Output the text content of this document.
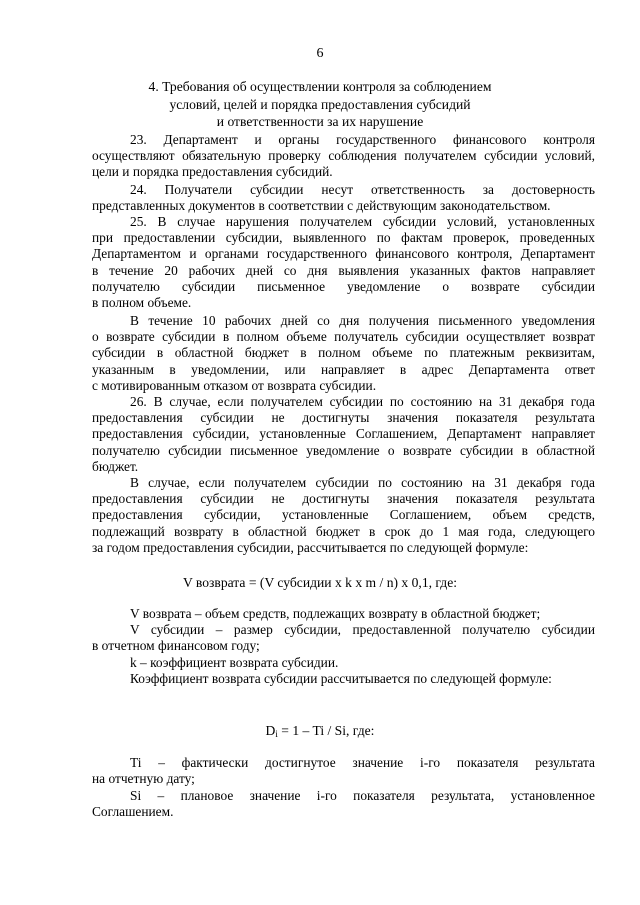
6
4. Требования об осуществлении контроля за соблюдением
условий, целей и порядка предоставления субсидий
и ответственности за их нарушение
23. Департамент и органы государственного финансового контроля
осуществляют обязательную проверку соблюдения получателем субсидии условий,
цели и порядка предоставления субсидий.
24. Получатели субсидии несут ответственность за достоверность
представленных документов в соответствии с действующим законодательством.
25. В случае нарушения получателем субсидии условий, установленных
при предоставлении субсидии, выявленного по фактам проверок, проведенных
Департаментом и органами государственного финансового контроля, Департамент
в течение 20 рабочих дней со дня выявления указанных фактов направляет
получателю субсидии письменное уведомление о возврате субсидии
в полном объеме.
В течение 10 рабочих дней со дня получения письменного уведомления
о возврате субсидии в полном объеме получатель субсидии осуществляет возврат
субсидии в областной бюджет в полном объеме по платежным реквизитам,
указанным в уведомлении, или направляет в адрес Департамента ответ
с мотивированным отказом от возврата субсидии.
26. В случае, если получателем субсидии по состоянию на 31 декабря года
предоставления субсидии не достигнуты значения показателя результата
предоставления субсидии, установленные Соглашением, Департамент направляет
получателю субсидии письменное уведомление о возврате субсидии в областной
бюджет.
В случае, если получателем субсидии по состоянию на 31 декабря года
предоставления субсидии не достигнуты значения показателя результата
предоставления субсидии, установленные Соглашением, объем средств,
подлежащий возврату в областной бюджет в срок до 1 мая года, следующего
за годом предоставления субсидии, рассчитывается по следующей формуле:
V возврата = (V субсидии x k x m / n) x 0,1, где:
V возврата – объем средств, подлежащих возврату в областной бюджет;
V субсидии – размер субсидии, предоставленной получателю субсидии
в отчетном финансовом году;
k – коэффициент возврата субсидии.
Коэффициент возврата субсидии рассчитывается по следующей формуле:
$D_i = 1 - Ti / Si$, где:
Ti – фактически достигнутое значение i-го показателя результата
на отчетную дату;
Si – плановое значение i-го показателя результата, установленное
Соглашением.
